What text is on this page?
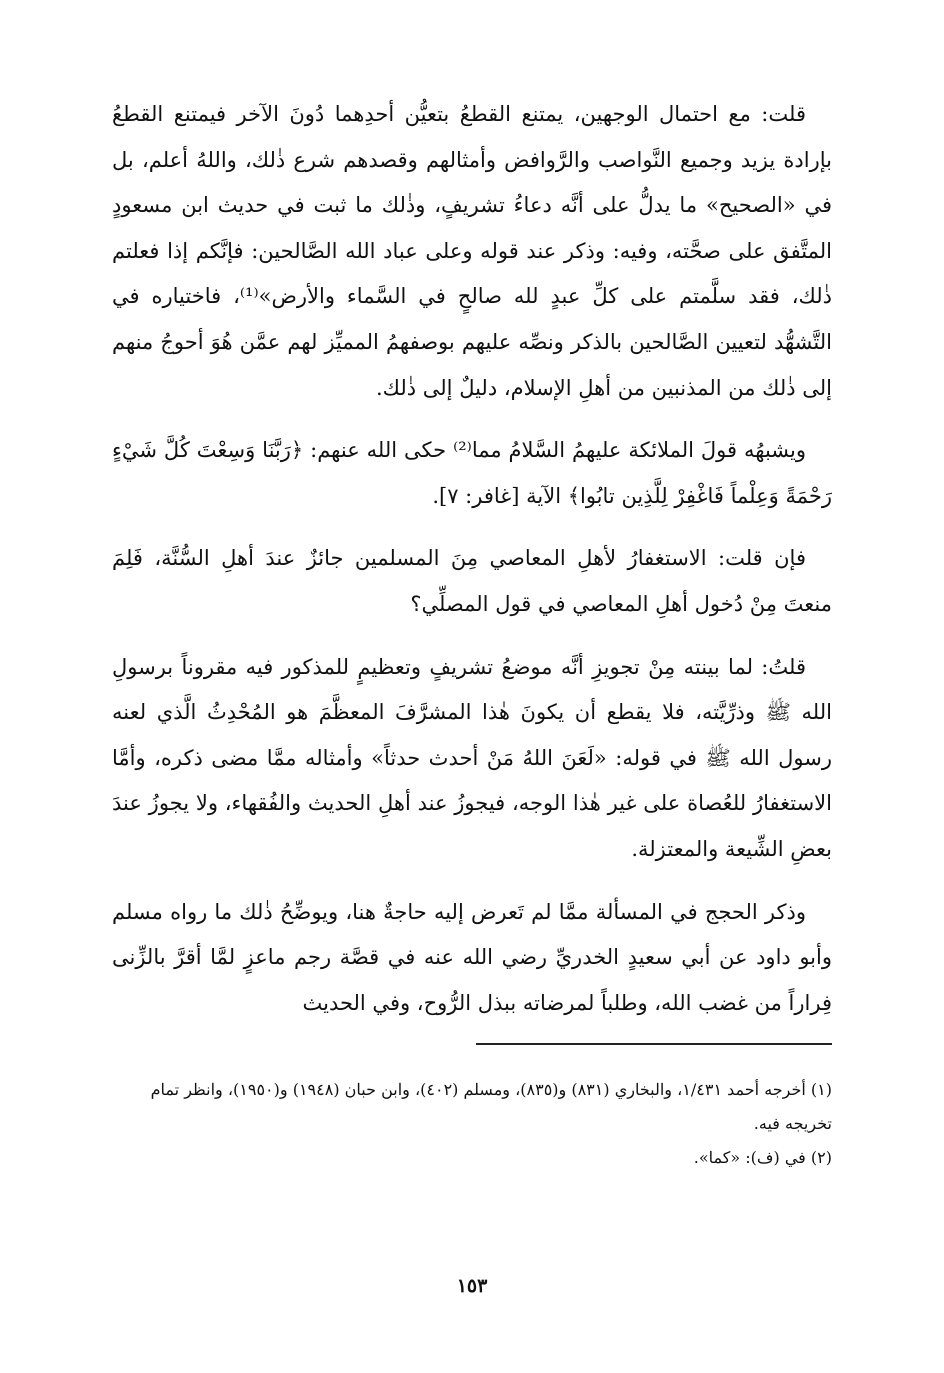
قلت: مع احتمال الوجهين، يمتنع القطعُ بتعيُّن أحدِهما دُونَ الآخر فيمتنع القطعُ بإرادة يزيد وجميع النَّواصب والرَّوافض وأمثالهم وقصدهم شرع ذٰلك، واللهُ أعلم، بل في «الصحيح» ما يدلُّ على أنَّه دعاءُ تشريفٍ، وذٰلك ما ثبت في حديث ابن مسعودٍ المتَّفق على صحَّته، وفيه: وذكر عند قوله وعلى عباد الله الصَّالحين: فإنَّكم إذا فعلتم ذٰلك، فقد سلَّمتم على كلِّ عبدٍ لله صالحٍ في السَّماء والأرض»⁽¹⁾، فاختياره في التَّشهُّد لتعيين الصَّالحين بالذكر ونصِّه عليهم بوصفهمُ المميِّز لهم عمَّن هُوَ أحوجُ منهم إلى ذٰلك من المذنبين من أهلِ الإسلام، دليلٌ إلى ذٰلك.

ويشبهُه قولَ الملائكة عليهمُ السَّلامُ مما⁽²⁾ حكى الله عنهم: ﴿رَبَّنَا وَسِعْتَ كُلَّ شَيْءٍ رَحْمَةً وَعِلْماً فَاغْفِرْ لِلَّذِين تابُوا﴾ الآية [غافر: ٧].

فإن قلت: الاستغفارُ لأهلِ المعاصي مِنَ المسلمين جائزٌ عندَ أهلِ السُّنَّة، فَلِمَ منعتَ مِنْ دُخول أهلِ المعاصي في قول المصلِّي؟

قلتُ: لما بينته مِنْ تجويزِ أنَّه موضعُ تشريفٍ وتعظيمٍ للمذكور فيه مقروناً برسولِ الله ﷺ وذرِّيَّته، فلا يقطع أن يكونَ هٰذا المشرَّفَ المعظَّمَ هو المُحْدِثُ الَّذي لعنه رسول الله ﷺ في قوله: «لَعَنَ اللهُ مَنْ أحدث حدثاً» وأمثاله ممَّا مضى ذكره، وأمَّا الاستغفارُ للعُصاة على غير هٰذا الوجه، فيجوزُ عند أهلِ الحديث والفُقهاء، ولا يجوزُ عندَ بعضِ الشِّيعة والمعتزلة.

وذكر الحجج في المسألة ممَّا لم تَعرض إليه حاجةٌ هنا، ويوضِّحُ ذٰلك ما رواه مسلم وأبو داود عن أبي سعيدٍ الخدريِّ رضي الله عنه في قصَّة رجم ماعزٍ لمَّا أقرَّ بالزِّنى فِراراً من غضب الله، وطلباً لمرضاته ببذل الرُّوح، وفي الحديث

(١) أخرجه أحمد ١/٤٣١، والبخاري (٨٣١) و(٨٣٥)، ومسلم (٤٠٢)، وابن حبان (١٩٤٨) و(١٩٥٠)، وانظر تمام تخريجه فيه.

(٢) في (ف): «كما».

١٥٣
